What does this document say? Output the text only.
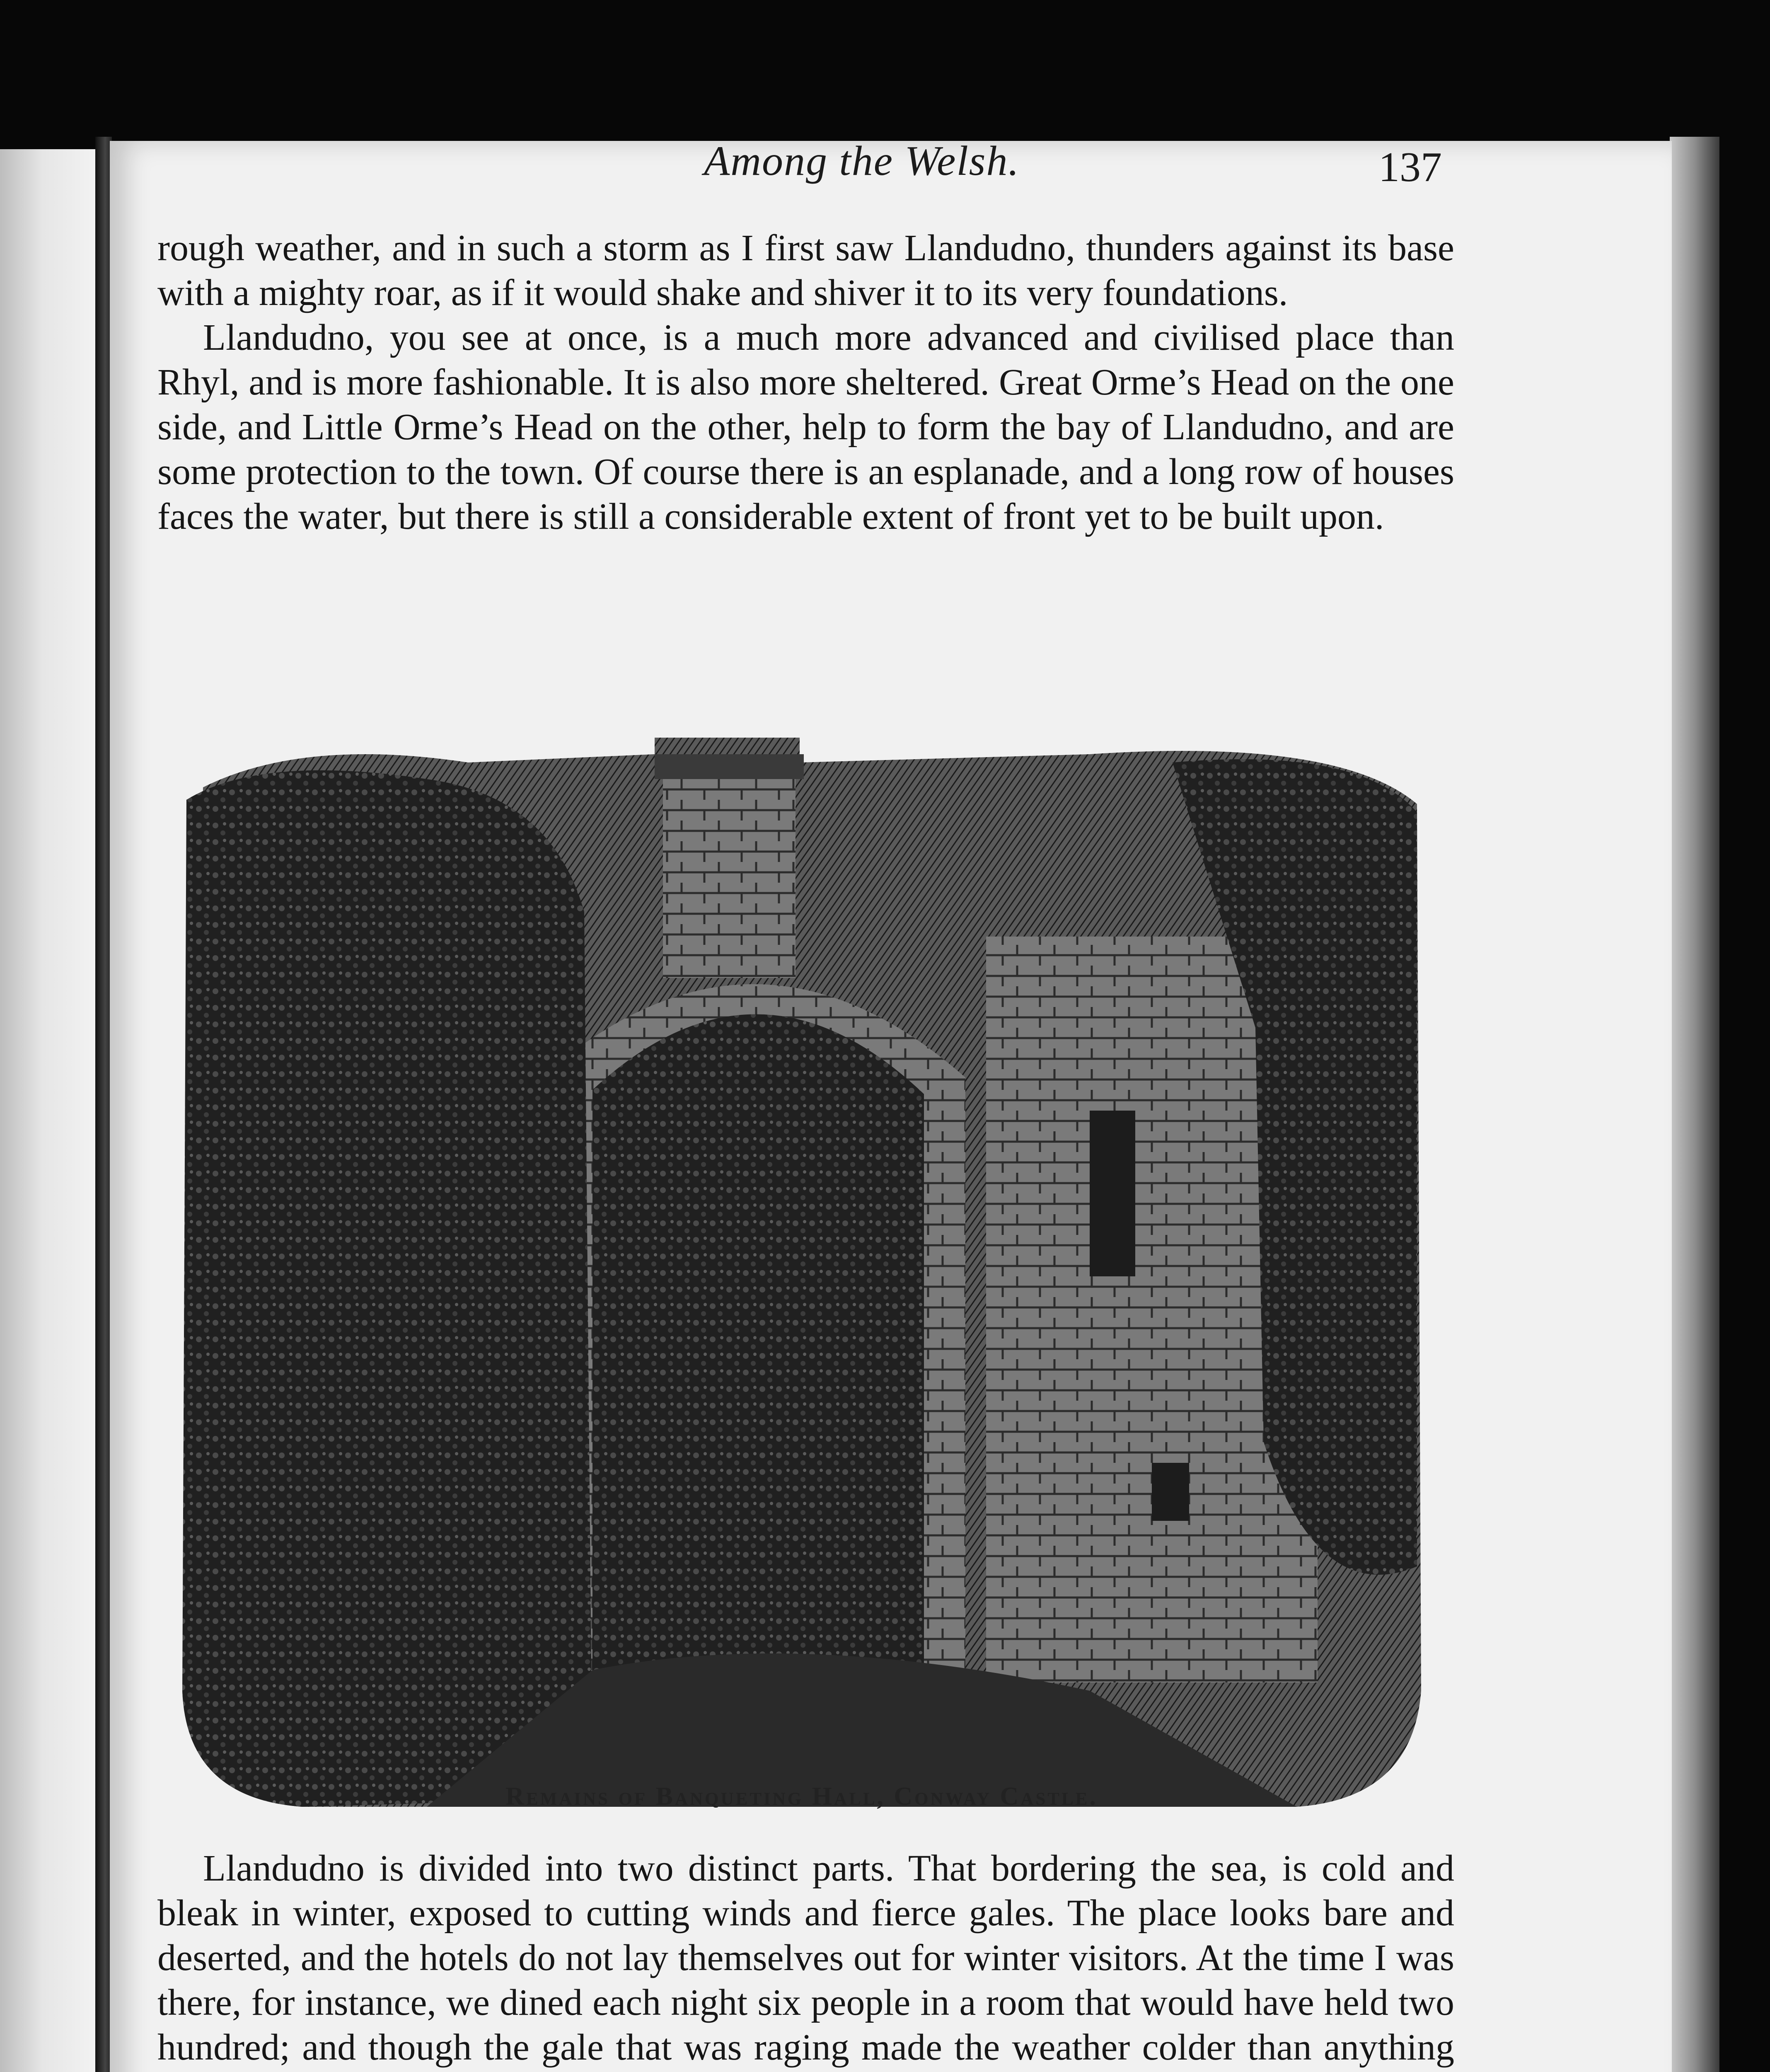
Among the Welsh.	137

rough weather, and in such a storm as I first saw Llandudno, thunders against its base with a mighty roar, as if it would shake and shiver it to its very foundations.

Llandudno, you see at once, is a much more advanced and civilised place than Rhyl, and is more fashionable. It is also more sheltered. Great Orme’s Head on the one side, and Little Orme’s Head on the other, help to form the bay of Llandudno, and are some protection to the town. Of course there is an esplanade, and a long row of houses faces the water, but there is still a considerable extent of front yet to be built upon.

Remains of Banqueting Hall, Conway Castle.

Llandudno is divided into two distinct parts. That bordering the sea, is cold and bleak in winter, exposed to cutting winds and fierce gales. The place looks bare and deserted, and the hotels do not lay themselves out for winter visitors. At the time I was there, for instance, we dined each night six people in a room that would have held two hundred; and though the gale that was raging made the weather colder than anything
